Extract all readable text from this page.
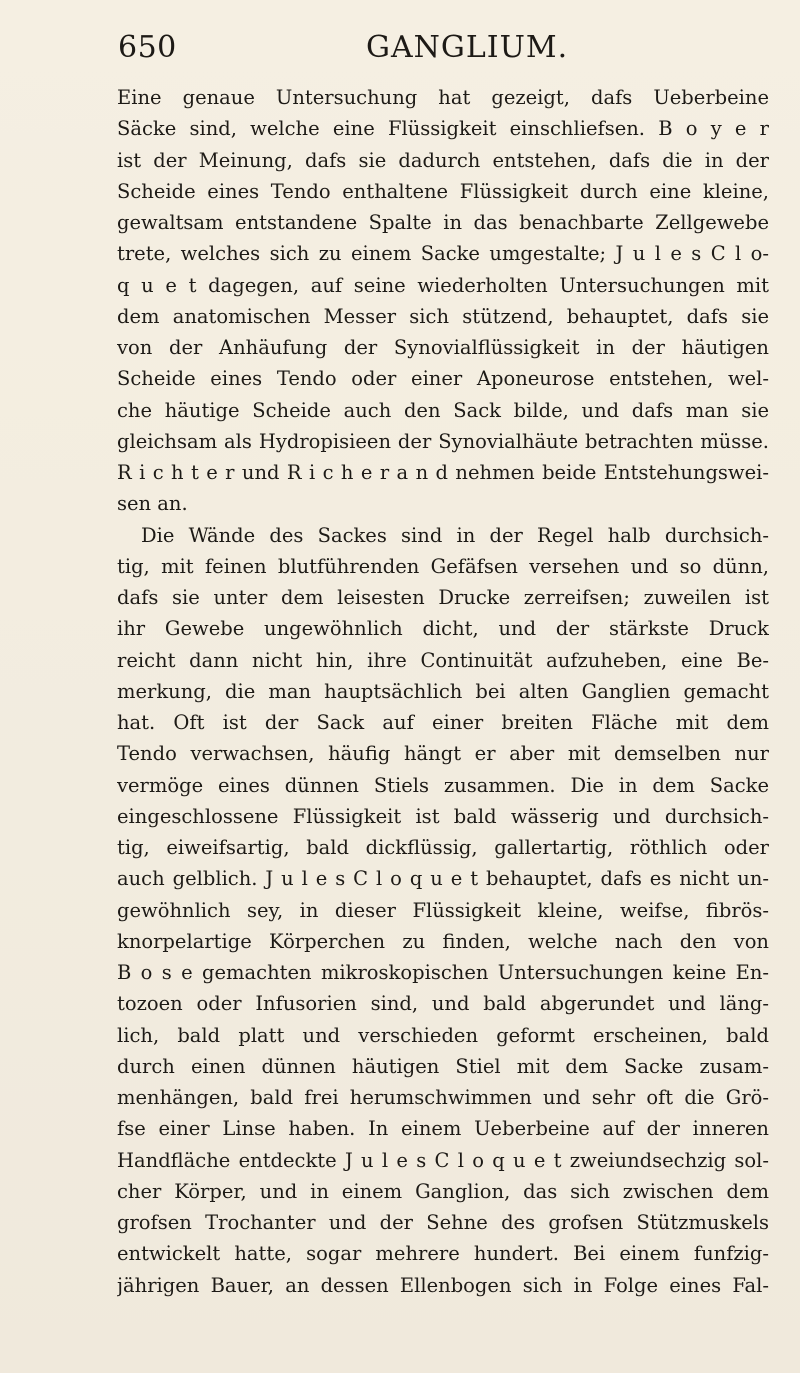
650	GANGLIUM.
Eine genaue Untersuchung hat gezeigt, dafs Ueberbeine
Säcke sind, welche eine Flüssigkeit einschliefsen. B o y e r
ist der Meinung, dafs sie dadurch entstehen, dafs die in der
Scheide eines Tendo enthaltene Flüssigkeit durch eine kleine,
gewaltsam entstandene Spalte in das benachbarte Zellgewebe
trete, welches sich zu einem Sacke umgestalte; J u l e s C l o-
q u e t dagegen, auf seine wiederholten Untersuchungen mit
dem anatomischen Messer sich stützend, behauptet, dafs sie
von der Anhäufung der Synovialflüssigkeit in der häutigen
Scheide eines Tendo oder einer Aponeurose entstehen, wel-
che häutige Scheide auch den Sack bilde, und dafs man sie
gleichsam als Hydropisieen der Synovialhäute betrachten müsse.
R i c h t e r und R i c h e r a n d nehmen beide Entstehungswei-
sen an.
Die Wände des Sackes sind in der Regel halb durchsich-
tig, mit feinen blutführenden Gefäfsen versehen und so dünn,
dafs sie unter dem leisesten Drucke zerreifsen; zuweilen ist
ihr Gewebe ungewöhnlich dicht, und der stärkste Druck
reicht dann nicht hin, ihre Continuität aufzuheben, eine Be-
merkung, die man hauptsächlich bei alten Ganglien gemacht
hat. Oft ist der Sack auf einer breiten Fläche mit dem
Tendo verwachsen, häufig hängt er aber mit demselben nur
vermöge eines dünnen Stiels zusammen. Die in dem Sacke
eingeschlossene Flüssigkeit ist bald wässerig und durchsich-
tig, eiweifsartig, bald dickflüssig, gallertartig, röthlich oder
auch gelblich. J u l e s C l o q u e t behauptet, dafs es nicht un-
gewöhnlich sey, in dieser Flüssigkeit kleine, weifse, fibrös-
knorpelartige Körperchen zu finden, welche nach den von
B o s e gemachten mikroskopischen Untersuchungen keine En-
tozoen oder Infusorien sind, und bald abgerundet und läng-
lich, bald platt und verschieden geformt erscheinen, bald
durch einen dünnen häutigen Stiel mit dem Sacke zusam-
menhängen, bald frei herumschwimmen und sehr oft die Grö-
fse einer Linse haben. In einem Ueberbeine auf der inneren
Handfläche entdeckte J u l e s C l o q u e t zweiundsechzig sol-
cher Körper, und in einem Ganglion, das sich zwischen dem
grofsen Trochanter und der Sehne des grofsen Stützmuskels
entwickelt hatte, sogar mehrere hundert. Bei einem funfzig-
jährigen Bauer, an dessen Ellenbogen sich in Folge eines Fal-
